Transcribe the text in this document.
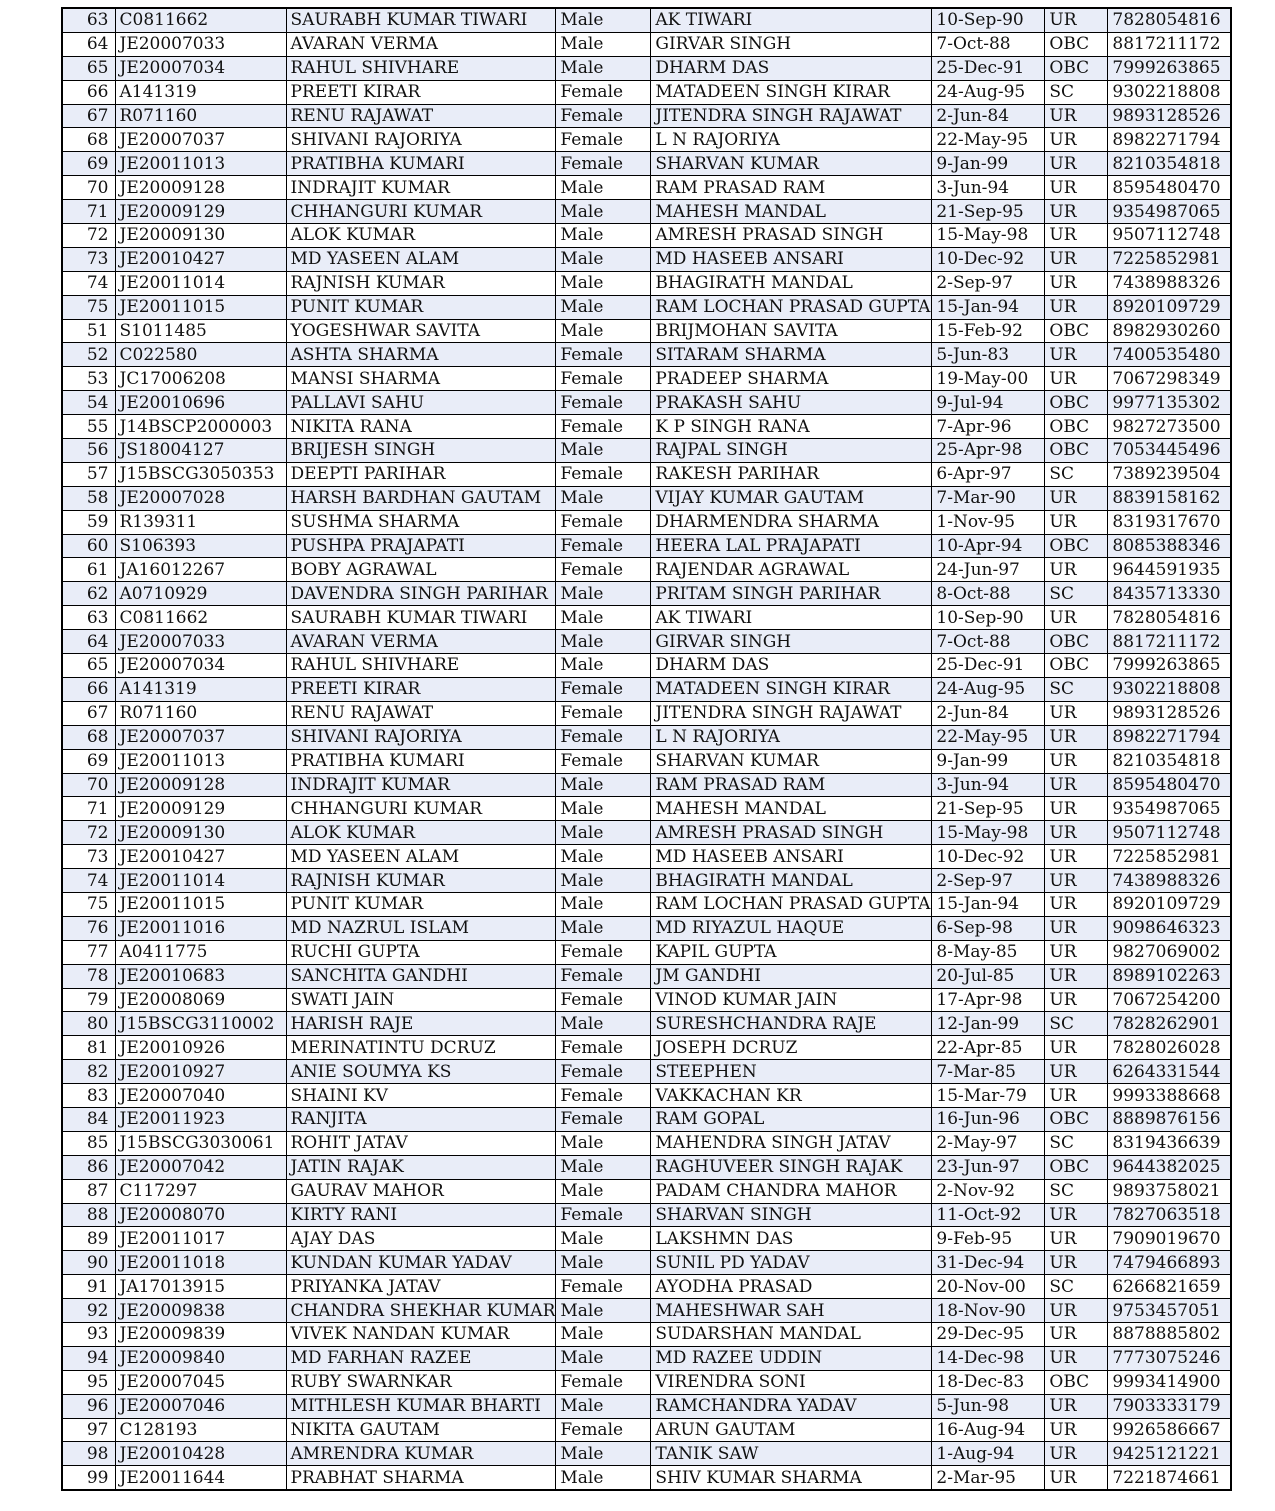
63	C0811662	SAURABH KUMAR TIWARI	Male	AK TIWARI	10-Sep-90	UR	7828054816
64	JE20007033	AVARAN VERMA	Male	GIRVAR SINGH	7-Oct-88	OBC	8817211172
65	JE20007034	RAHUL SHIVHARE	Male	DHARM DAS	25-Dec-91	OBC	7999263865
66	A141319	PREETI KIRAR	Female	MATADEEN SINGH KIRAR	24-Aug-95	SC	9302218808
67	R071160	RENU RAJAWAT	Female	JITENDRA SINGH RAJAWAT	2-Jun-84	UR	9893128526
68	JE20007037	SHIVANI RAJORIYA	Female	L N RAJORIYA	22-May-95	UR	8982271794
69	JE20011013	PRATIBHA KUMARI	Female	SHARVAN KUMAR	9-Jan-99	UR	8210354818
70	JE20009128	INDRAJIT KUMAR	Male	RAM PRASAD RAM	3-Jun-94	UR	8595480470
71	JE20009129	CHHANGURI KUMAR	Male	MAHESH MANDAL	21-Sep-95	UR	9354987065
72	JE20009130	ALOK KUMAR	Male	AMRESH PRASAD SINGH	15-May-98	UR	9507112748
73	JE20010427	MD YASEEN ALAM	Male	MD HASEEB ANSARI	10-Dec-92	UR	7225852981
74	JE20011014	RAJNISH KUMAR	Male	BHAGIRATH MANDAL	2-Sep-97	UR	7438988326
75	JE20011015	PUNIT KUMAR	Male	RAM LOCHAN PRASAD GUPTA	15-Jan-94	UR	8920109729
51	S1011485	YOGESHWAR SAVITA	Male	BRIJMOHAN SAVITA	15-Feb-92	OBC	8982930260
52	C022580	ASHTA SHARMA	Female	SITARAM SHARMA	5-Jun-83	UR	7400535480
53	JC17006208	MANSI SHARMA	Female	PRADEEP SHARMA	19-May-00	UR	7067298349
54	JE20010696	PALLAVI SAHU	Female	PRAKASH SAHU	9-Jul-94	OBC	9977135302
55	J14BSCP2000003	NIKITA RANA	Female	K P SINGH RANA	7-Apr-96	OBC	9827273500
56	JS18004127	BRIJESH SINGH	Male	RAJPAL SINGH	25-Apr-98	OBC	7053445496
57	J15BSCG3050353	DEEPTI PARIHAR	Female	RAKESH PARIHAR	6-Apr-97	SC	7389239504
58	JE20007028	HARSH BARDHAN GAUTAM	Male	VIJAY KUMAR GAUTAM	7-Mar-90	UR	8839158162
59	R139311	SUSHMA SHARMA	Female	DHARMENDRA SHARMA	1-Nov-95	UR	8319317670
60	S106393	PUSHPA PRAJAPATI	Female	HEERA LAL PRAJAPATI	10-Apr-94	OBC	8085388346
61	JA16012267	BOBY AGRAWAL	Female	RAJENDAR AGRAWAL	24-Jun-97	UR	9644591935
62	A0710929	DAVENDRA SINGH PARIHAR	Male	PRITAM SINGH PARIHAR	8-Oct-88	SC	8435713330
63	C0811662	SAURABH KUMAR TIWARI	Male	AK TIWARI	10-Sep-90	UR	7828054816
64	JE20007033	AVARAN VERMA	Male	GIRVAR SINGH	7-Oct-88	OBC	8817211172
65	JE20007034	RAHUL SHIVHARE	Male	DHARM DAS	25-Dec-91	OBC	7999263865
66	A141319	PREETI KIRAR	Female	MATADEEN SINGH KIRAR	24-Aug-95	SC	9302218808
67	R071160	RENU RAJAWAT	Female	JITENDRA SINGH RAJAWAT	2-Jun-84	UR	9893128526
68	JE20007037	SHIVANI RAJORIYA	Female	L N RAJORIYA	22-May-95	UR	8982271794
69	JE20011013	PRATIBHA KUMARI	Female	SHARVAN KUMAR	9-Jan-99	UR	8210354818
70	JE20009128	INDRAJIT KUMAR	Male	RAM PRASAD RAM	3-Jun-94	UR	8595480470
71	JE20009129	CHHANGURI KUMAR	Male	MAHESH MANDAL	21-Sep-95	UR	9354987065
72	JE20009130	ALOK KUMAR	Male	AMRESH PRASAD SINGH	15-May-98	UR	9507112748
73	JE20010427	MD YASEEN ALAM	Male	MD HASEEB ANSARI	10-Dec-92	UR	7225852981
74	JE20011014	RAJNISH KUMAR	Male	BHAGIRATH MANDAL	2-Sep-97	UR	7438988326
75	JE20011015	PUNIT KUMAR	Male	RAM LOCHAN PRASAD GUPTA	15-Jan-94	UR	8920109729
76	JE20011016	MD NAZRUL ISLAM	Male	MD RIYAZUL HAQUE	6-Sep-98	UR	9098646323
77	A0411775	RUCHI GUPTA	Female	KAPIL GUPTA	8-May-85	UR	9827069002
78	JE20010683	SANCHITA GANDHI	Female	JM GANDHI	20-Jul-85	UR	8989102263
79	JE20008069	SWATI JAIN	Female	VINOD KUMAR JAIN	17-Apr-98	UR	7067254200
80	J15BSCG3110002	HARISH RAJE	Male	SURESHCHANDRA RAJE	12-Jan-99	SC	7828262901
81	JE20010926	MERINATINTU DCRUZ	Female	JOSEPH DCRUZ	22-Apr-85	UR	7828026028
82	JE20010927	ANIE SOUMYA KS	Female	STEEPHEN	7-Mar-85	UR	6264331544
83	JE20007040	SHAINI KV	Female	VAKKACHAN KR	15-Mar-79	UR	9993388668
84	JE20011923	RANJITA	Female	RAM GOPAL	16-Jun-96	OBC	8889876156
85	J15BSCG3030061	ROHIT JATAV	Male	MAHENDRA SINGH JATAV	2-May-97	SC	8319436639
86	JE20007042	JATIN RAJAK	Male	RAGHUVEER SINGH RAJAK	23-Jun-97	OBC	9644382025
87	C117297	GAURAV MAHOR	Male	PADAM CHANDRA MAHOR	2-Nov-92	SC	9893758021
88	JE20008070	KIRTY RANI	Female	SHARVAN SINGH	11-Oct-92	UR	7827063518
89	JE20011017	AJAY DAS	Male	LAKSHMN DAS	9-Feb-95	UR	7909019670
90	JE20011018	KUNDAN KUMAR YADAV	Male	SUNIL PD YADAV	31-Dec-94	UR	7479466893
91	JA17013915	PRIYANKA JATAV	Female	AYODHA PRASAD	20-Nov-00	SC	6266821659
92	JE20009838	CHANDRA SHEKHAR KUMAR	Male	MAHESHWAR SAH	18-Nov-90	UR	9753457051
93	JE20009839	VIVEK NANDAN KUMAR	Male	SUDARSHAN MANDAL	29-Dec-95	UR	8878885802
94	JE20009840	MD FARHAN RAZEE	Male	MD RAZEE UDDIN	14-Dec-98	UR	7773075246
95	JE20007045	RUBY SWARNKAR	Female	VIRENDRA SONI	18-Dec-83	OBC	9993414900
96	JE20007046	MITHLESH KUMAR BHARTI	Male	RAMCHANDRA YADAV	5-Jun-98	UR	7903333179
97	C128193	NIKITA GAUTAM	Female	ARUN GAUTAM	16-Aug-94	UR	9926586667
98	JE20010428	AMRENDRA KUMAR	Male	TANIK SAW	1-Aug-94	UR	9425121221
99	JE20011644	PRABHAT SHARMA	Male	SHIV KUMAR SHARMA	2-Mar-95	UR	7221874661
